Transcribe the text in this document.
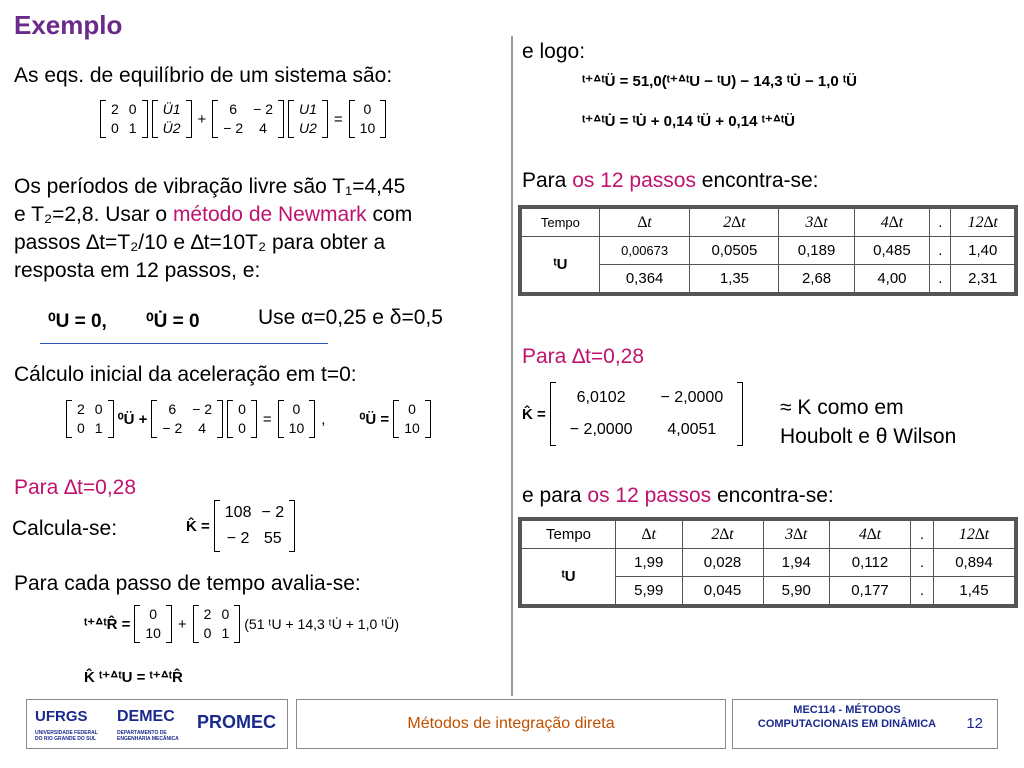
Exemplo
As eqs. de equilíbrio de um sistema são:
2	0
0	1
Ü1
Ü2
+
6	− 2
− 2	4
U1
U2
=
0
10
Os períodos de vibração livre são T₁=4,45
e T₂=2,8. Usar o método de Newmark com
passos ∆t=T₂/10 e ∆t=10T₂ para obter a
resposta em 12 passos, e:
⁰U = 0, ⁰U̇ = 0	Use α=0,25 e δ=0,5
Cálculo inicial da aceleração em t=0:
2	0
0	1 ⁰Ü +
6	− 2
− 2	4
0
0
=
0
10
, ⁰Ü =
0
10
Para ∆t=0,28
Calcula-se:	K̂ =
108	− 2
− 2	55
Para cada passo de tempo avalia-se:
ᵗ⁺ᐞᵗR̂ =
0
10
+
2	0
0	1
(51 ᵗU + 14,3 ᵗU̇ + 1,0 ᵗÜ)
K̂ ᵗ⁺ᐞᵗU = ᵗ⁺ᐞᵗR̂
e logo:
ᵗ⁺ᐞᵗÜ = 51,0(ᵗ⁺ᐞᵗU − ᵗU) − 14,3 ᵗU̇ − 1,0 ᵗÜ
ᵗ⁺ᐞᵗU̇ = ᵗU̇ + 0,14 ᵗÜ + 0,14 ᵗ⁺ᐞᵗÜ
Para os 12 passos encontra-se:
Tempo	∆t	2∆t	3∆t	4∆t	.	12∆t
ᵗU	0,00673	0,0505	0,189	0,485	.	1,40
	0,364	1,35	2,68	4,00	.	2,31
Para ∆t=0,28
K̂ =
6,0102	− 2,0000
− 2,0000	4,0051
≈ K como em
Houbolt e θ Wilson
e para os 12 passos encontra-se:
Tempo	∆t	2∆t	3∆t	4∆t	.	12∆t
ᵗU	1,99	0,028	1,94	0,112	.	0,894
	5,99	0,045	5,90	0,177	.	1,45
UFRGS
UNIVERSIDADE FEDERAL DO RIO GRANDE DO SUL
DEMEC
DEPARTAMENTO DE ENGENHARIA MECÂNICA
PROMEC	Métodos de integração direta
MEC114 - MÉTODOS COMPUTACIONAIS EM DINÂMICA	12
